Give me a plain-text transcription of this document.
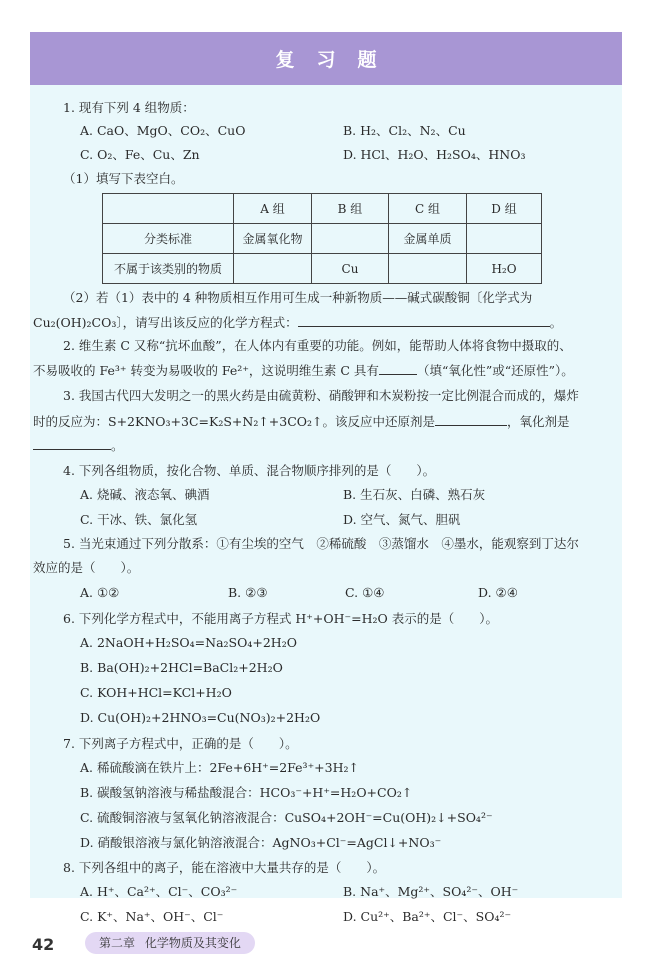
复习题
1. 现有下列 4 组物质：
A. CaO、MgO、CO₂、CuO	B. H₂、Cl₂、N₂、Cu
C. O₂、Fe、Cu、Zn	D. HCl、H₂O、H₂SO₄、HNO₃
（1）填写下表空白。
	A 组	B 组	C 组	D 组
分类标准	金属氧化物		金属单质	
不属于该类别的物质		Cu		H₂O
（2）若（1）表中的 4 种物质相互作用可生成一种新物质——碱式碳酸铜〔化学式为
Cu₂(OH)₂CO₃〕，请写出该反应的化学方程式：	。
2. 维生素 C 又称“抗坏血酸”，在人体内有重要的功能。例如，能帮助人体将食物中摄取的、
不易吸收的 Fe³⁺ 转变为易吸收的 Fe²⁺，这说明维生素 C 具有	（填“氧化性”或“还原性”）。
3. 我国古代四大发明之一的黑火药是由硫黄粉、硝酸钾和木炭粉按一定比例混合而成的，爆炸
时的反应为：S+2KNO₃+3C=K₂S+N₂↑+3CO₂↑。该反应中还原剂是	，氧化剂是
。
4. 下列各组物质，按化合物、单质、混合物顺序排列的是（　　）。
A. 烧碱、液态氧、碘酒	B. 生石灰、白磷、熟石灰
C. 干冰、铁、氯化氢	D. 空气、氮气、胆矾
5. 当光束通过下列分散系：①有尘埃的空气　②稀硫酸　③蒸馏水　④墨水，能观察到丁达尔
效应的是（　　）。
A. ①②	B. ②③	C. ①④	D. ②④
6. 下列化学方程式中，不能用离子方程式 H⁺+OH⁻=H₂O 表示的是（　　）。
A. 2NaOH+H₂SO₄=Na₂SO₄+2H₂O
B. Ba(OH)₂+2HCl=BaCl₂+2H₂O
C. KOH+HCl=KCl+H₂O
D. Cu(OH)₂+2HNO₃=Cu(NO₃)₂+2H₂O
7. 下列离子方程式中，正确的是（　　）。
A. 稀硫酸滴在铁片上：2Fe+6H⁺=2Fe³⁺+3H₂↑
B. 碳酸氢钠溶液与稀盐酸混合：HCO₃⁻+H⁺=H₂O+CO₂↑
C. 硫酸铜溶液与氢氧化钠溶液混合：CuSO₄+2OH⁻=Cu(OH)₂↓+SO₄²⁻
D. 硝酸银溶液与氯化钠溶液混合：AgNO₃+Cl⁻=AgCl↓+NO₃⁻
8. 下列各组中的离子，能在溶液中大量共存的是（　　）。
A. H⁺、Ca²⁺、Cl⁻、CO₃²⁻	B. Na⁺、Mg²⁺、SO₄²⁻、OH⁻
C. K⁺、Na⁺、OH⁻、Cl⁻	D. Cu²⁺、Ba²⁺、Cl⁻、SO₄²⁻
42	第二章 化学物质及其变化
